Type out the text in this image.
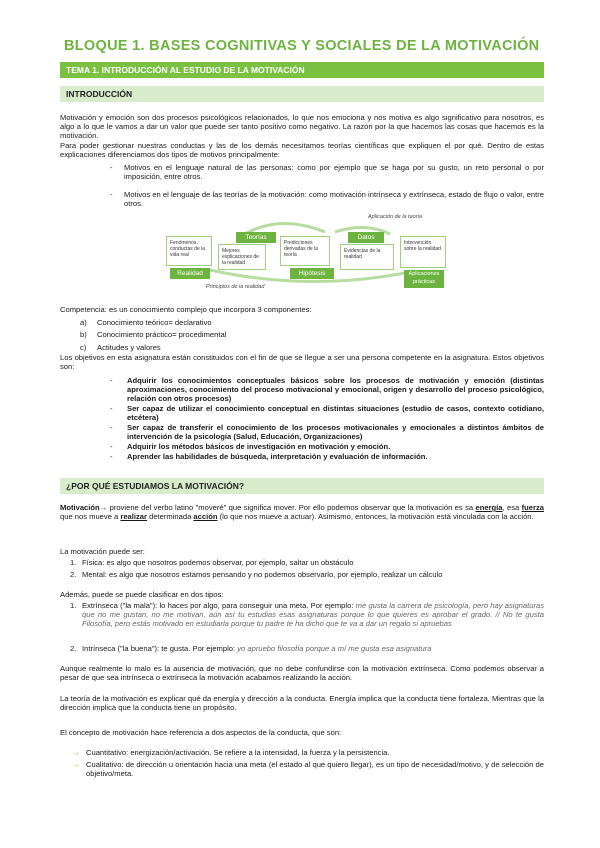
BLOQUE 1. BASES COGNITIVAS Y SOCIALES DE LA MOTIVACIÓN
TEMA 1. INTRODUCCIÓN AL ESTUDIO DE LA MOTIVACIÓN
INTRODUCCIÓN
Motivación y emoción son dos procesos psicológicos relacionados, lo que nos emociona y nos motiva es algo significativo para nosotros, es algo a lo que le vamos a dar un valor que puede ser tanto positivo como negativo. La razón por la que hacemos las cosas que hacemos es la motivación.
Para poder gestionar nuestras conductas y las de los demás necesitamos teorías científicas que expliquen el por qué. Dentro de estas explicaciones diferenciamos dos tipos de motivos principalmente:
- Motivos en el lenguaje natural de las personas: como por ejemplo que se haga por su gusto, un reto personal o por imposición, entre otros.
- Motivos en el lenguaje de las teorías de la motivación: como motivación intrínseca y extrínseca, estado de flujo o valor, entre otros.
Fenómenos, conductas de la vida real
Realidad
Teorías
Mejores explicaciones de la realidad
Predicciones derivadas de la teoría
Hipótesis
Datos
Evidencias de la realidad
Intervención sobre la realidad
Aplicaciones prácticas
Aplicación de la teoría
Principios de la realidad
Competencia: es un conocimiento complejo que incorpora 3 componentes:
a) Conocimiento teórico= declarativo
b) Conocimiento práctico= procedimental
c) Actitudes y valores
Los objetivos en esta asignatura están constituidos con el fin de que se llegue a ser una persona competente en la asignatura. Estos objetivos son:
- Adquirir los conocimientos conceptuales básicos sobre los procesos de motivación y emoción (distintas aproximaciones, conocimiento del proceso motivacional y emocional, origen y desarrollo del proceso psicológico, relación con otros procesos)
- Ser capaz de utilizar el conocimiento conceptual en distintas situaciones (estudio de casos, contexto cotidiano, etcétera)
- Ser capaz de transferir el conocimiento de los procesos motivacionales y emocionales a distintos ámbitos de intervención de la psicología (Salud, Educación, Organizaciones)
- Adquirir los métodos básicos de investigación en motivación y emoción.
- Aprender las habilidades de búsqueda, interpretación y evaluación de información.
¿POR QUÉ ESTUDIAMOS LA MOTIVACIÓN?
Motivación→ proviene del verbo latino "moveré" que significa mover. Por ello podemos observar que la motivación es sa energía, esa fuerza que nos mueve a realizar determinada acción (lo que nos mueve a actuar). Asimismo, entonces, la motivación está vinculada con la acción.
La motivación puede ser:
1. Física: es algo que nosotros podemos observar, por ejemplo, saltar un obstáculo
2. Mental: es algo que nosotros estamos pensando y no podemos observarlo, por ejemplo, realizar un cálculo
Además, puede se puede clasificar en dos tipos:
1. Extrínseca ("la mala"): lo haces por algo, para conseguir una meta. Por ejemplo: me gusta la carrera de psicología, pero hay asignaturas que no me gustan, no me motivan, aún así tu estudias esas asignaturas porque lo que quieres es aprobar el grado. // No te gusta Filosofía, pero estás motivado en estudiarla porque tu padre te ha dicho que te va a dar un regalo si apruebas
2. Intrínseca ("la buena"): te gusta. Por ejemplo: yo apruebo filosofía porque a mí me gusta esa asignatura
Aunque realmente lo malo es la ausencia de motivación, que no debe confundirse con la motivación extrínseca. Como podemos observar a pesar de que sea intrínseca o extrínseca la motivación acabamos realizando la acción.
La teoría de la motivación es explicar qué da energía y dirección a la conducta. Energía implica que la conducta tiene fortaleza. Mientras que la dirección implica que la conducta tiene un propósito.
El concepto de motivación hace referencia a dos aspectos de la conducta, que son:
→ Cuantitativo: energización/activación. Se refiere a la intensidad, la fuerza y la persistencia.
→ Cualitativo: de dirección u orientación hacia una meta (el estado al que quiero llegar), es un tipo de necesidad/motivo, y de selección de objetivo/meta.
